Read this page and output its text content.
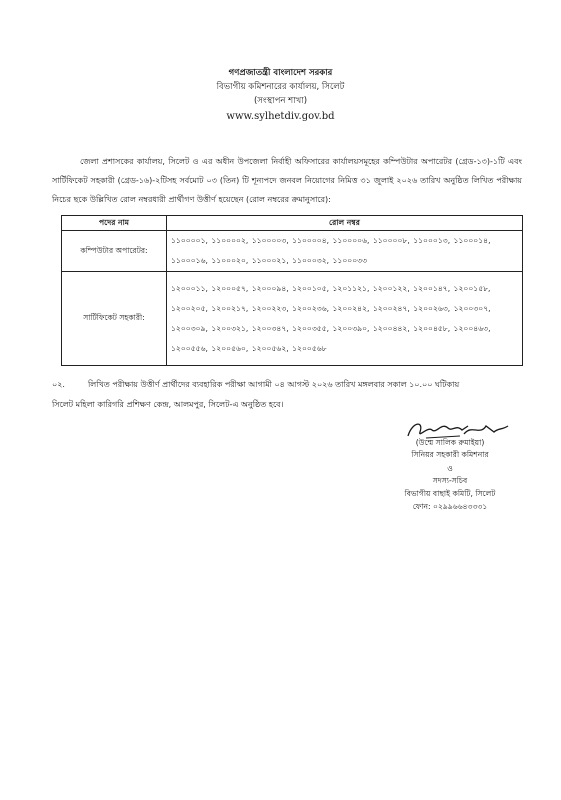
গণপ্রজাতন্ত্রী বাংলাদেশ সরকার
বিভাগীয় কমিশনারের কার্যালয়, সিলেট
(সংস্থাপন শাখা)
www.sylhetdiv.gov.bd
জেলা প্রশাসকের কার্যালয়, সিলেট ও এর অধীন উপজেলা নির্বাহী অফিসারের কার্যালয়সমূহের কম্পিউটার অপারেটর (গ্রেড-১৩)-১টি এবং সার্টিফিকেট সহকারী (গ্রেড-১৬)-২টিসহ সর্বমোট ০৩ (তিন) টি শূন্যপদে জনবল নিয়োগের নিমিত্ত ৩১ জুলাই ২০২৬ তারিখ অনুষ্ঠিত লিখিত পরীক্ষায় নিচের ছকে উল্লিখিত রোল নম্বরধারী প্রার্থীগণ উত্তীর্ণ হয়েছেন (রোল নম্বরের ক্রমানুসারে):
পদের নাম	রোল নম্বর
কম্পিউটার অপারেটর:	১১০০০০১, ১১০০০০২, ১১০০০০৩, ১১০০০০৪, ১১০০০০৬, ১১০০০০৮, ১১০০০১৩, ১১০০০১৪, ১১০০০১৬, ১১০০০২০, ১১০০০২১, ১১০০০৩২, ১১০০০৩৩
সার্টিফিকেট সহকারী:	১২০০০১১, ১২০০০৫৭, ১২০০০৯৪, ১২০০১০৫, ১২০১১২১, ১২০০১২২, ১২০০১৪৭, ১২০০১৫৮, ১২০০২০৫, ১২০০২১৭, ১২০০২২৩, ১২০০২৩৬, ১২০০২৪২, ১২০০২৪৭, ১২০০২৬৩, ১২০০৩০৭, ১২০০৩০৯, ১২০০৩২১, ১২০০৩৪৭, ১২০০৩৫৫, ১২০০৩৯০, ১২০০৪৪২, ১২০০৪৫৮, ১২০০৪৬৩, ১২০০৫৫৬, ১২০০৫৬০, ১২০০৫৬২, ১২০০৫৬৮
০২.	লিখিত পরীক্ষায় উত্তীর্ণ প্রার্থীদের ব্যবহারিক পরীক্ষা আগামী ০৪ আগস্ট ২০২৬ তারিখ মঙ্গলবার সকাল ১০.০০ ঘটিকায়
সিলেট মহিলা কারিগরি প্রশিক্ষণ কেন্দ্র, আলমপুর, সিলেট-এ অনুষ্ঠিত হবে।
(উম্মে সালিক রুমাইয়া)
সিনিয়র সহকারী কমিশনার
ও
সদস্য-সচিব
বিভাগীয় বাছাই কমিটি, সিলেট
ফোন: ০২৯৯৬৬৪৩৩৩১
